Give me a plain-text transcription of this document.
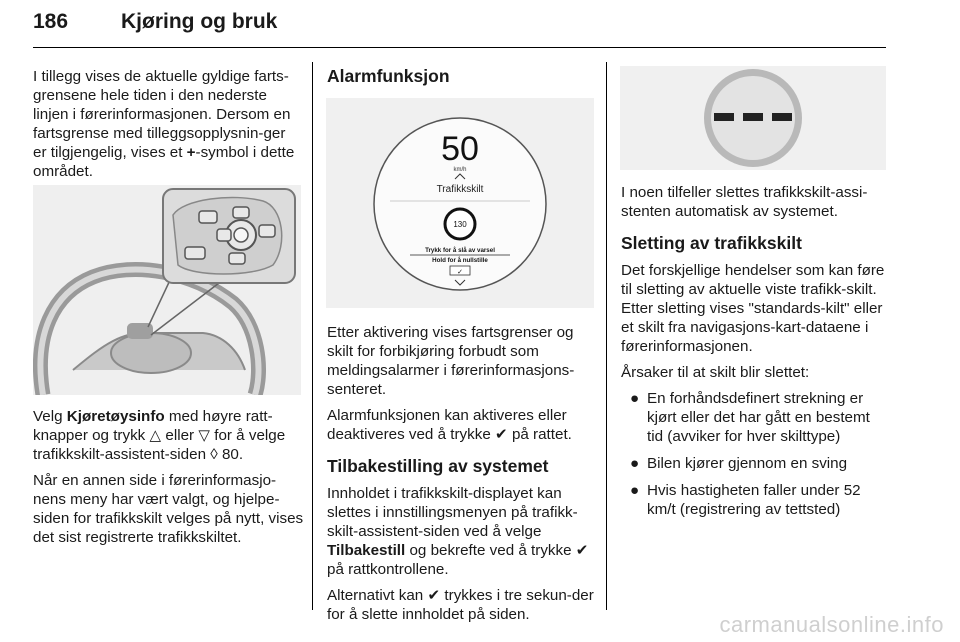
186	Kjøring og bruk

I tillegg vises de aktuelle gyldige farts-grensene hele tiden i den nederste linjen i førerinformasjonen. Dersom en fartsgrense med tilleggsopplysnin-ger er tilgjengelig, vises et +-symbol i dette området.

Velg Kjøretøysinfo med høyre ratt-knapper og trykk △ eller ▽ for å velge trafikkskilt-assistent-siden ◊ 80.

Når en annen side i førerinformasjo-nens meny har vært valgt, og hjelpe-siden for trafikkskilt velges på nytt, vises det sist registrerte trafikkskiltet.

Alarmfunksjon
50
km/h
Trafikkskilt
130
Trykk for å slå av varsel
Hold for å nullstille
✓

Etter aktivering vises fartsgrenser og skilt for forbikjøring forbudt som meldingsalarmer i førerinformasjons-senteret.

Alarmfunksjonen kan aktiveres eller deaktiveres ved å trykke ✔ på rattet.

Tilbakestilling av systemet

Innholdet i trafikkskilt-displayet kan slettes i innstillingsmenyen på trafikk-skilt-assistent-siden ved å velge Tilbakestill og bekrefte ved å trykke ✔ på rattkontrollene.

Alternativt kan ✔ trykkes i tre sekun-der for å slette innholdet på siden.

I noen tilfeller slettes trafikkskilt-assi-stenten automatisk av systemet.

Sletting av trafikkskilt

Det forskjellige hendelser som kan føre til sletting av aktuelle viste trafikk-skilt. Etter sletting vises "standards-kilt" eller et skilt fra navigasjons-kart-dataene i førerinformasjonen.

Årsaker til at skilt blir slettet:

● En forhåndsdefinert strekning er kjørt eller det har gått en bestemt tid (avviker for hver skilttype)
● Bilen kjører gjennom en sving
● Hvis hastigheten faller under 52 km/t (registrering av tettsted)
carmanualsonline.info
